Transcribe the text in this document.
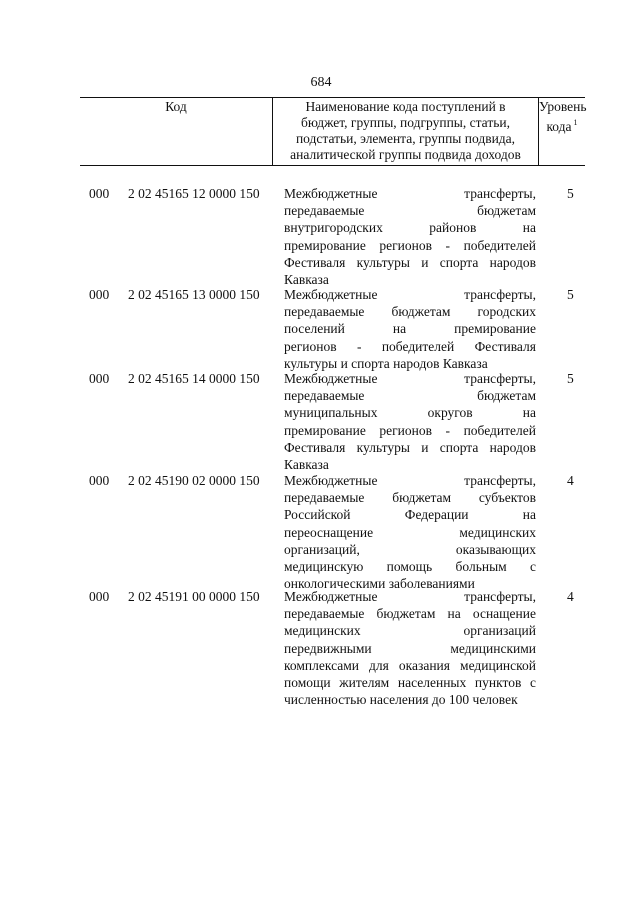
684
Код	Наименование кода поступлений в
бюджет, группы, подгруппы, статьи,
подстатьи, элемента, группы подвида,
аналитической группы подвида доходов
Уровень
кода $^1$
000 2 02 45165 12 0000 150 Межбюджетные трансферты,
передаваемые бюджетам
внутригородских районов на
премирование регионов - победителей
Фестиваля культуры и спорта народов
Кавказа
5
000 2 02 45165 13 0000 150 Межбюджетные трансферты,
передаваемые бюджетам городских
поселений на премирование
регионов - победителей Фестиваля
культуры и спорта народов Кавказа
5
000 2 02 45165 14 0000 150 Межбюджетные трансферты,
передаваемые бюджетам
муниципальных округов на
премирование регионов - победителей
Фестиваля культуры и спорта народов
Кавказа
5
000 2 02 45190 02 0000 150 Межбюджетные трансферты,
передаваемые бюджетам субъектов
Российской Федерации на
переоснащение медицинских
организаций, оказывающих
медицинскую помощь больным с
онкологическими заболеваниями
4
000 2 02 45191 00 0000 150 Межбюджетные трансферты,
передаваемые бюджетам на оснащение
медицинских организаций
передвижными медицинскими
комплексами для оказания медицинской
помощи жителям населенных пунктов с
численностью населения до 100 человек
4
